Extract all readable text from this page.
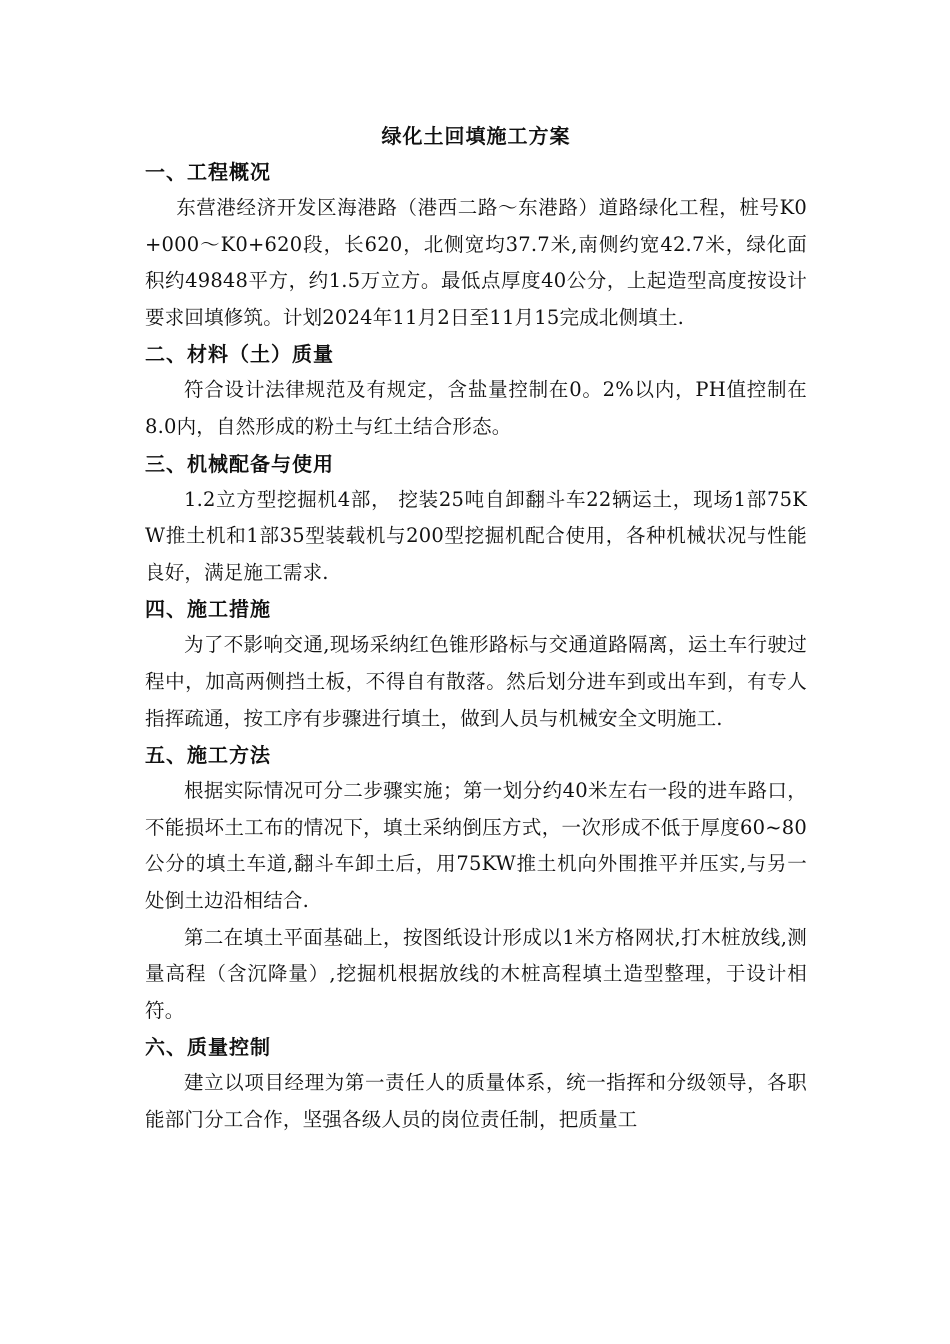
绿化土回填施工方案
一、工程概况

东营港经济开发区海港路（港西二路～东港路）道路绿化工程，桩号K0+000～K0+620段，长620，北侧宽均37.7米,南侧约宽42.7米，绿化面积约49848平方，约1.5万立方。最低点厚度40公分，上起造型高度按设计要求回填修筑。计划2024年11月2日至11月15完成北侧填土.

二、材料（土）质量

符合设计法律规范及有规定，含盐量控制在0。2%以内，PH值控制在8.0内，自然形成的粉土与红土结合形态。

三、机械配备与使用

1.2立方型挖掘机4部， 挖装25吨自卸翻斗车22辆运土，现场1部75KW推土机和1部35型装载机与200型挖掘机配合使用，各种机械状况与性能良好，满足施工需求.

四、施工措施

为了不影响交通,现场采纳红色锥形路标与交通道路隔离，运土车行驶过程中，加高两侧挡土板，不得自有散落。然后划分进车到或出车到，有专人指挥疏通，按工序有步骤进行填土，做到人员与机械安全文明施工.

五、施工方法

根据实际情况可分二步骤实施；第一划分约40米左右一段的进车路口，不能损坏土工布的情况下，填土采纳倒压方式，一次形成不低于厚度60~80公分的填土车道,翻斗车卸土后，用75KW推土机向外围推平并压实,与另一处倒土边沿相结合.

第二在填土平面基础上，按图纸设计形成以1米方格网状,打木桩放线,测量高程（含沉降量）,挖掘机根据放线的木桩高程填土造型整理，于设计相符。

六、质量控制

建立以项目经理为第一责任人的质量体系，统一指挥和分级领导，各职能部门分工合作，坚强各级人员的岗位责任制，把质量工
